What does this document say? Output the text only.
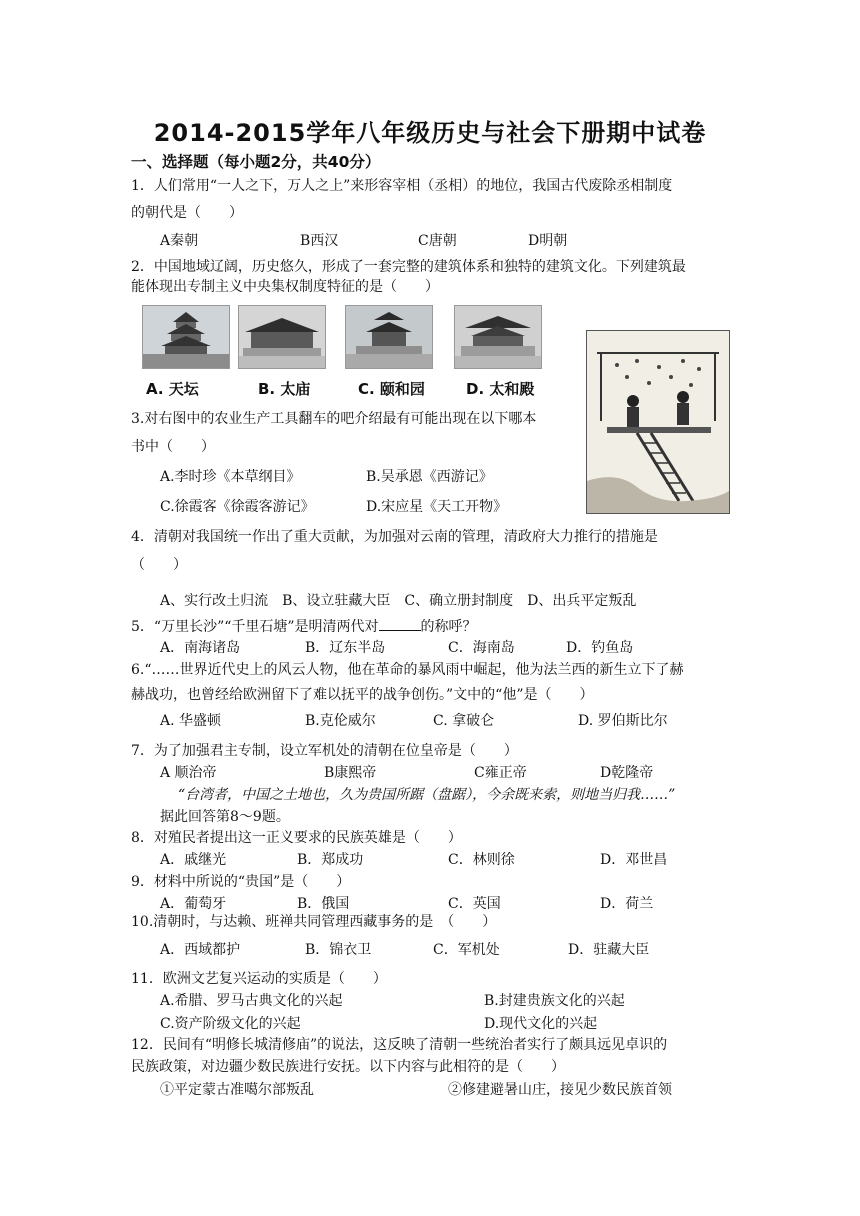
2014-2015学年八年级历史与社会下册期中试卷
一、选择题（每小题2分，共40分）
1．人们常用“一人之下，万人之上”来形容宰相（丞相）的地位，我国古代废除丞相制度
的朝代是（　　）
A秦朝	B西汉	C唐朝	D明朝
2．中国地域辽阔，历史悠久，形成了一套完整的建筑体系和独特的建筑文化。下列建筑最
能体现出专制主义中央集权制度特征的是（　　）
A. 天坛	B. 太庙	C. 颐和园	D. 太和殿
3.对右图中的农业生产工具翻车的吧介绍最有可能出现在以下哪本
书中（　　）
A.李时珍《本草纲目》	B.吴承恩《西游记》
C.徐霞客《徐霞客游记》	D.宋应星《天工开物》
4．清朝对我国统一作出了重大贡献，为加强对云南的管理，清政府大力推行的措施是
（　　）
A、实行改土归流　B、设立驻藏大臣　C、确立册封制度　D、出兵平定叛乱
5．“万里长沙”“千里石塘”是明清两代对	的称呼？
A．南海诸岛	B．辽东半岛	C．海南岛	D．钓鱼岛
6.“……世界近代史上的风云人物，他在革命的暴风雨中崛起，他为法兰西的新生立下了赫
赫战功，也曾经给欧洲留下了难以抚平的战争创伤。”文中的“他”是（　　）
A. 华盛顿	B.克伦威尔	C. 拿破仑	D. 罗伯斯比尔
7．为了加强君主专制，设立军机处的清朝在位皇帝是（　　）
A 顺治帝	B康熙帝	C雍正帝	D乾隆帝
“台湾者，中国之土地也，久为贵国所踞（盘踞），今余既来索，则地当归我……”
据此回答第8～9题。
8．对殖民者提出这一正义要求的民族英雄是（　　）
A．戚继光	B．郑成功	C．林则徐	D．邓世昌
9．材料中所说的“贵国”是（　　）
A．葡萄牙	B．俄国	C．英国	D．荷兰
10.清朝时，与达赖、班禅共同管理西藏事务的是　（　　）
A．西域都护	B．锦衣卫	C．军机处	D．驻藏大臣
11．欧洲文艺复兴运动的实质是（　　）
A.希腊、罗马古典文化的兴起	B.封建贵族文化的兴起
C.资产阶级文化的兴起	D.现代文化的兴起
12．民间有“明修长城清修庙”的说法，这反映了清朝一些统治者实行了颇具远见卓识的
民族政策，对边疆少数民族进行安抚。以下内容与此相符的是（　　）
①平定蒙古准噶尔部叛乱	②修建避暑山庄，接见少数民族首领
